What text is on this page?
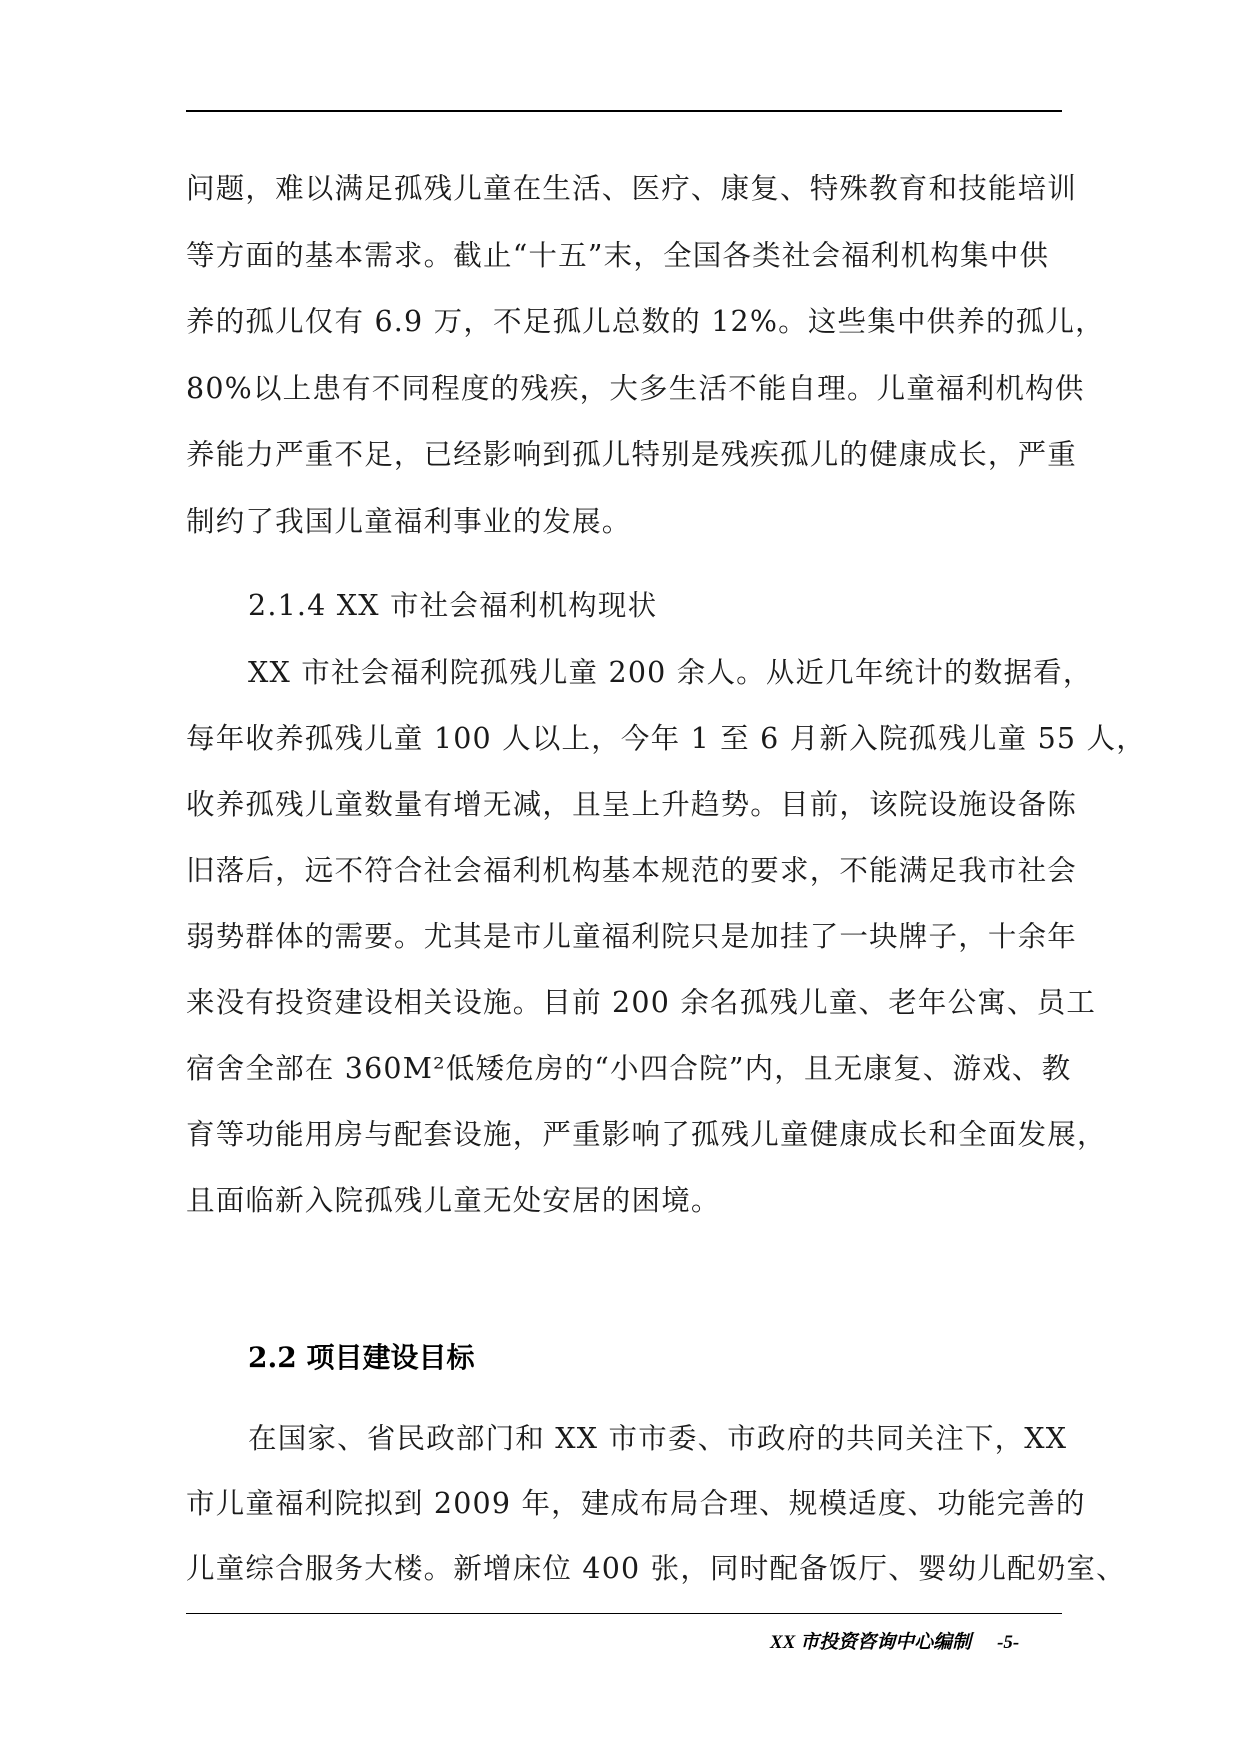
问题，难以满足孤残儿童在生活、医疗、康复、特殊教育和技能培训
等方面的基本需求。截止“十五”末，全国各类社会福利机构集中供
养的孤儿仅有 6.9 万，不足孤儿总数的 12%。这些集中供养的孤儿，
80%以上患有不同程度的残疾，大多生活不能自理。儿童福利机构供
养能力严重不足，已经影响到孤儿特别是残疾孤儿的健康成长，严重
制约了我国儿童福利事业的发展。
2.1.4 XX 市社会福利机构现状
XX 市社会福利院孤残儿童 200 余人。从近几年统计的数据看，
每年收养孤残儿童 100 人以上，今年 1 至 6 月新入院孤残儿童 55 人，
收养孤残儿童数量有增无减，且呈上升趋势。目前，该院设施设备陈
旧落后，远不符合社会福利机构基本规范的要求，不能满足我市社会
弱势群体的需要。尤其是市儿童福利院只是加挂了一块牌子，十余年
来没有投资建设相关设施。目前 200 余名孤残儿童、老年公寓、员工
宿舍全部在 360M²低矮危房的“小四合院”内，且无康复、游戏、教
育等功能用房与配套设施，严重影响了孤残儿童健康成长和全面发展，
且面临新入院孤残儿童无处安居的困境。
2.2 项目建设目标
在国家、省民政部门和 XX 市市委、市政府的共同关注下，XX
市儿童福利院拟到 2009 年，建成布局合理、规模适度、功能完善的
儿童综合服务大楼。新增床位 400 张，同时配备饭厅、婴幼儿配奶室、
XX 市投资咨询中心编制 -5-
